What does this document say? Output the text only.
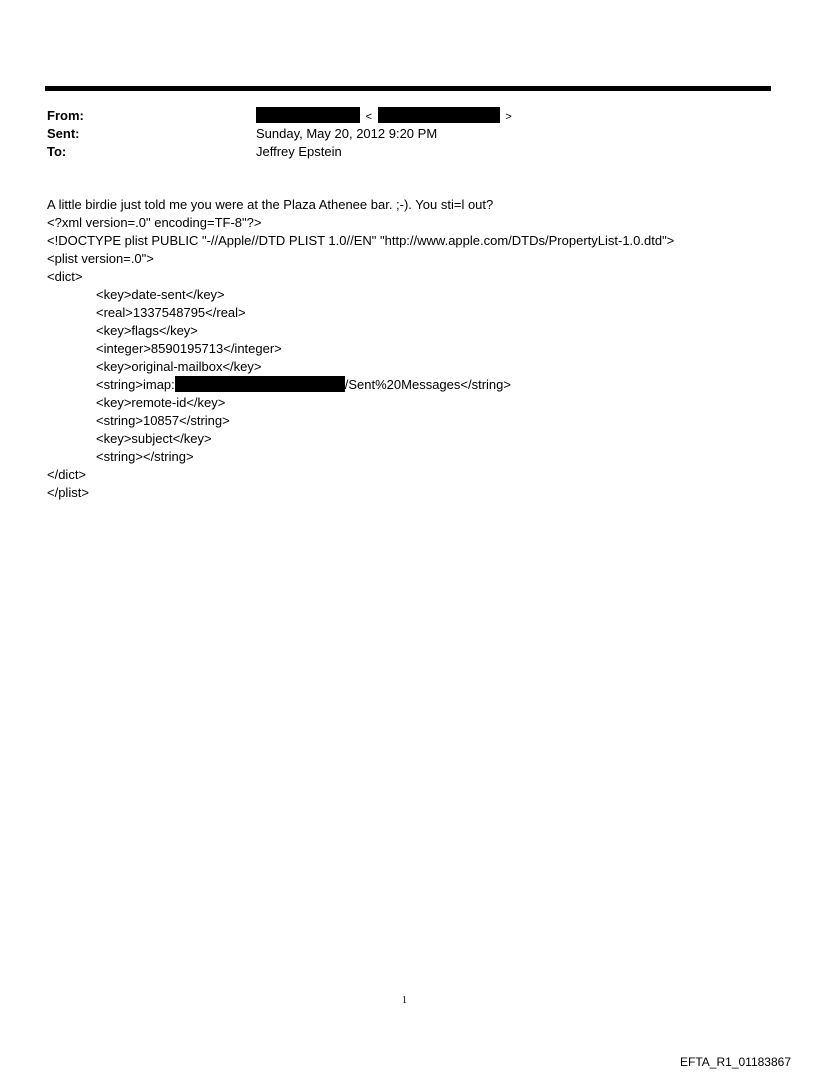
From:	<	>
Sent:	Sunday, May 20, 2012 9:20 PM
To:	Jeffrey Epstein
A little birdie just told me you were at the Plaza Athenee bar. ;-). You sti=l out?
<?xml version=.0" encoding=TF-8"?>
<!DOCTYPE plist PUBLIC "-//Apple//DTD PLIST 1.0//EN" "http://www.apple.com/DTDs/PropertyList-1.0.dtd">
<plist version=.0">
<dict>
<key>date-sent</key>
<real>1337548795</real>
<key>flags</key>
<integer>8590195713</integer>
<key>original-mailbox</key>
<string>imap:	/Sent%20Messages</string>
<key>remote-id</key>
<string>10857</string>
<key>subject</key>
<string></string>
</dict>
</plist>
1
EFTA_R1_01183867
